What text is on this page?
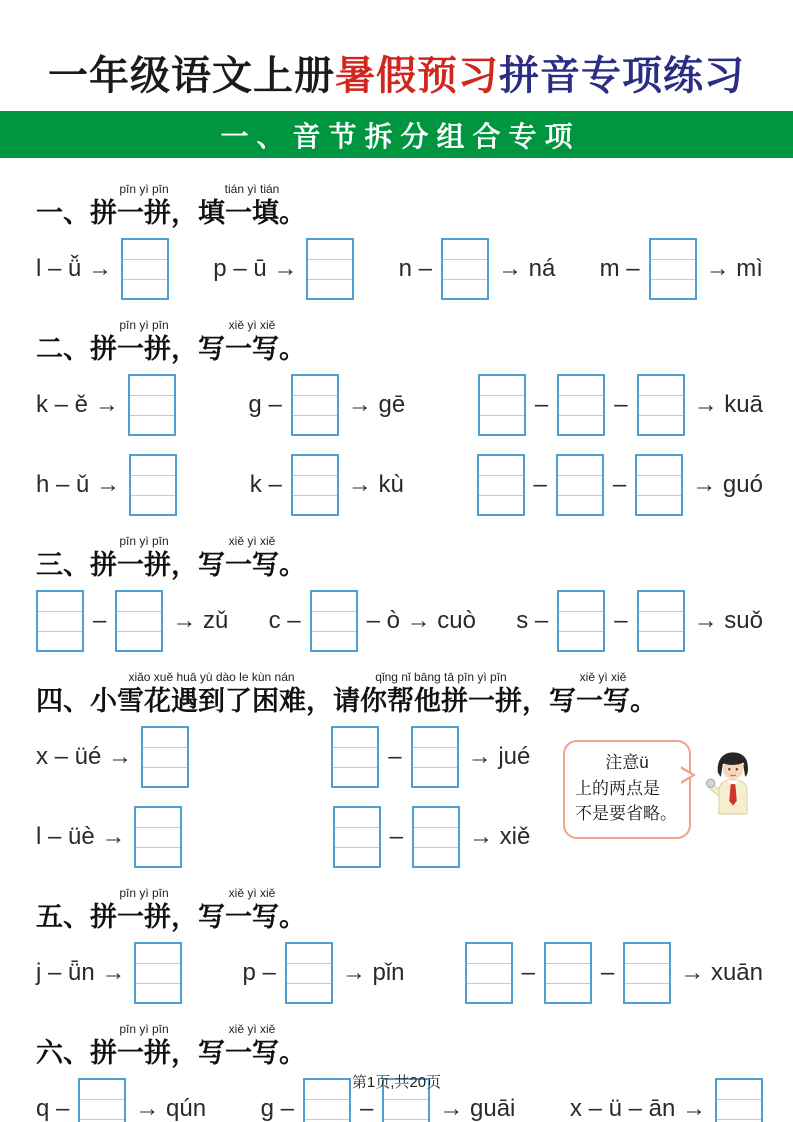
一年级语文上册暑假预习拼音专项练习
一、音节拆分组合专项
一、
pīn yì pīn
拼一拼，
tián yì tián
填一填。
l – ǚ →	p – ū →	n –	→ ná m –	→ mì
二、
pīn yì pīn
拼一拼，
xiě yì xiě
写一写。
k – ě →	g –	→ gē	–	–	→ kuā
h – ǔ →	k –	→ kù	–	–	→ guó
三、
pīn yì pīn
拼一拼，
xiě yì xiě
写一写。
–	→ zǔ c –	– ò → cuò s –	–	→ suǒ
四、
xiǎo xuě huā yù dào le kùn nán
小雪花遇到了困难，
qǐng nǐ bāng tā pīn yì pīn
请你帮他拼一拼，
xiě yì xiě
写一写。
x – üé →	–	→ jué
l – üè →	–	→ xiě
注意ü
上的两点是
不是要省略。
五、
pīn yì pīn
拼一拼，
xiě yì xiě
写一写。
j – ǖn →	p –	→ pǐn	–	–	→ xuān
六、
pīn yì pīn
拼一拼，
xiě yì xiě
写一写。
q –	→ qún g –	–	→ guāi x – ü – ān →
第1页,共20页
